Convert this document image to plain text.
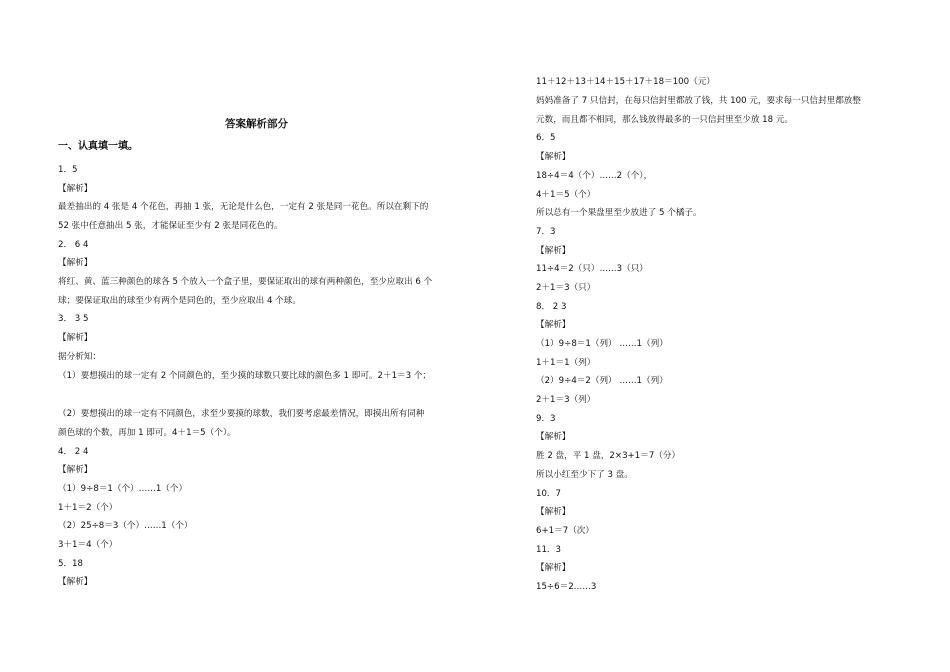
答案解析部分
一、认真填一填。
1．5
【解析】
最差抽出的 4 张是 4 个花色，再抽 1 张，无论是什么色，一定有 2 张是同一花色。所以在剩下的
52 张中任意抽出 5 张，才能保证至少有 2 张是同花色的。
2． 6 4
【解析】
将红、黄、蓝三种颜色的球各 5 个放入一个盒子里，要保证取出的球有两种颜色，至少应取出 6 个
球；要保证取出的球至少有两个是同色的，至少应取出 4 个球。
3． 3 5
【解析】
据分析知：
（1）要想摸出的球一定有 2 个同颜色的，至少摸的球数只要比球的颜色多 1 即可。2＋1＝3 个；
（2）要想摸出的球一定有不同颜色，求至少要摸的球数，我们要考虑最差情况，即摸出所有同种
颜色球的个数，再加 1 即可。4＋1＝5（个）。
4． 2 4
【解析】
（1）9÷8＝1（个）……1（个）
1＋1＝2（个）
（2）25÷8＝3（个）……1（个）
3＋1＝4（个）
5．18
【解析】
11＋12＋13＋14＋15＋17＋18＝100（元）
妈妈准备了 7 只信封，在每只信封里都放了钱，共 100 元，要求每一只信封里都放整
元数，而且都不相同，那么钱放得最多的一只信封里至少放 18 元。
6．5
【解析】
18÷4＝4（个）……2（个），
4＋1＝5（个）
所以总有一个果盘里至少放进了 5 个橘子。
7．3
【解析】
11÷4＝2（只）……3（只）
2＋1＝3（只）
8． 2 3
【解析】
（1）9÷8＝1（列） ……1（列）
1＋1＝1（列）
（2）9÷4＝2（列） ……1（列）
2＋1＝3（列）
9．3
【解析】
胜 2 盘，平 1 盘，2×3+1＝7（分）
所以小红至少下了 3 盘。
10．7
【解析】
6+1＝7（次）
11．3
【解析】
15÷6＝2……3
